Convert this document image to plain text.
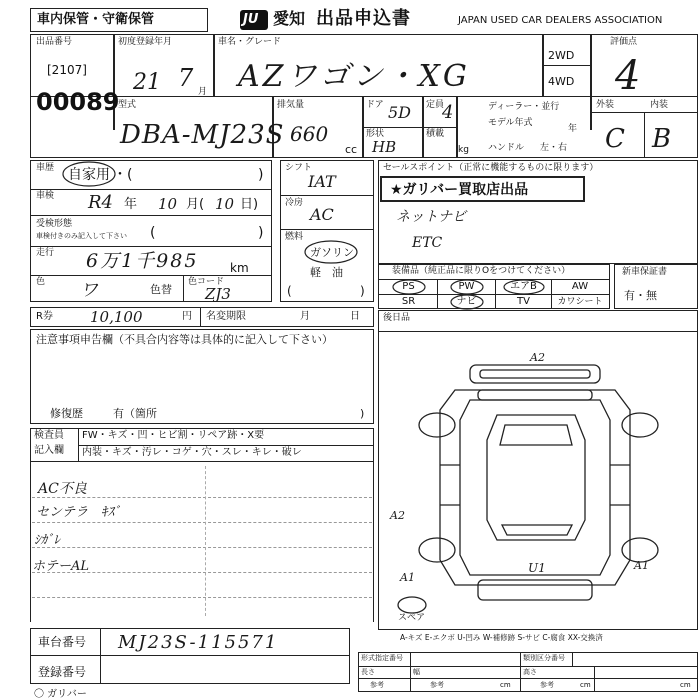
車内保管・守衛保管	JU 愛知 出品申込書	JAPAN USED CAR DEALERS ASSOCIATION
出品番号
[2107]
00089
初度登録年月
21 7 月
車名・グレード
AZワゴン・XG
2WD
4WD
評価点
4
型式
DBA-MJ23S
排気量
660
cc
ドア 5D
形状
HB
定員
4
積載
kg
ディーラー・並行
モデル年式
年
ハンドル 左・右
外装	内装
C B
車歴 自家用 ・(	)
車検 R4 年 10 月( 10 日)
受検形態
車検付きのみ記入して下さい (	)
走行 6万1千985	km
色 ワ	色替
色コード
ZJ3
シフト
IAT
冷房
AC
燃料
ガソリン
軽　油
(	)
セールスポイント（正常に機能するものに限ります）
★ガリバー買取店出品
ネットナビ
ETC
装備品（純正品に限りOをつけてください）
PS	PW	エアB	AW
SR	ナビ	TV	カワシート
新車保証書
有・無
R券 10,100	円 名変期限	月	日	後日品
注意事項申告欄（不具合内容等は具体的に記入して下さい）
修復歴	有（箇所	)
検査員
記入欄
FW・キズ・凹・ヒビ割・リペア跡・X要
内装・キズ・汚レ・コゲ・穴・スレ・キレ・破レ
AC不良
センテラ　ｷｽﾞ
ｼｶﾞﾚ
ホテーAL
A2
A2
U1
A1
A1
スペア
A-キズ E-エクボ U-凹み W-補修跡 S-サビ C-腐食 XX-交換済
車台番号 MJ23S-115571
登録番号
形式指定番号	類別区分番号
長さ	幅	高さ
参考	参考	参考
cm	cm	cm
〇 ガリバー
